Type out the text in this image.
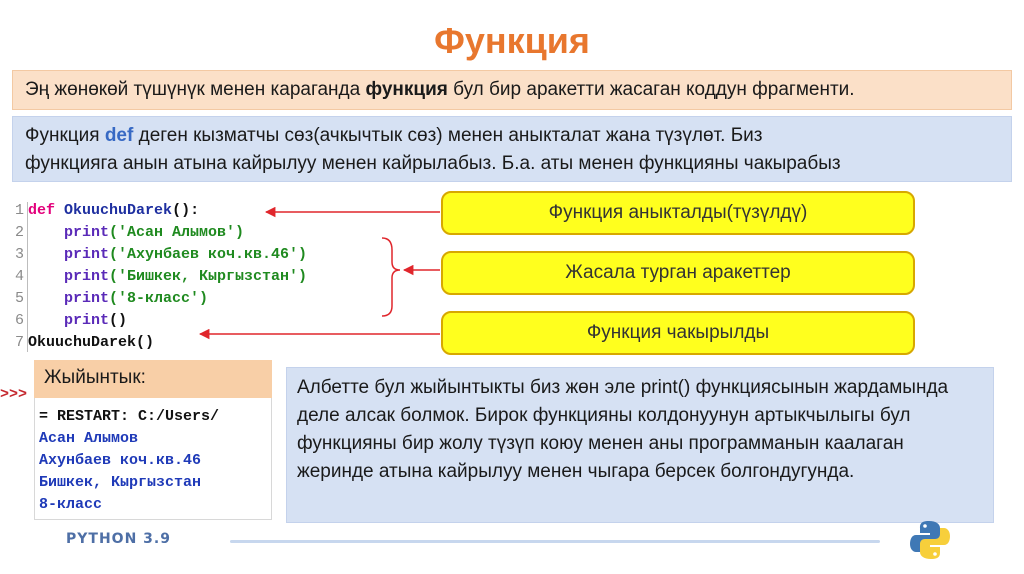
Функция
Эң жөнөкөй түшүнүк менен караганда функция бул бир аракетти жасаган коддун фрагменти.
Функция def деген кызматчы сөз(ачкычтык сөз) менен аныкталат жана түзүлөт. Биз
функцияга анын атына кайрылуу менен кайрылабыз. Б.а. аты менен функцияны чакырабыз
1 def OkuuchuDarek():
2	print('Асан Алымов')
3	print('Ахунбаев коч.кв.46')
4	print('Бишкек, Кыргызстан')
5	print('8-класс')
6	print()
7 OkuuchuDarek()
Функция аныкталды(түзүлдү)
Жасала турган аракеттер
Функция чакырылды
Жыйынтык:
>>>
= RESTART: C:/Users/
Асан Алымов
Ахунбаев коч.кв.46
Бишкек, Кыргызстан
8-класс
Албетте бул жыйынтыкты биз жөн эле print() функциясынын жардамында деле алсак болмок. Бирок функцияны колдонуунун артыкчылыгы бул функцияны бир жолу түзүп коюу менен аны программанын каалаган жеринде атына кайрылуу менен чыгара берсек болгондугунда.
PYTHON 3.9
